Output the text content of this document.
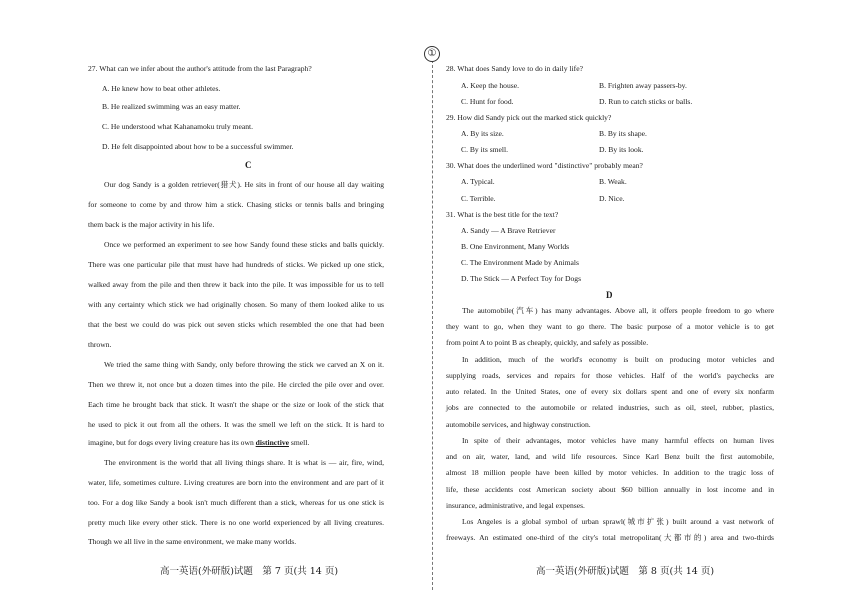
①
27. What can we infer about the author's attitude from the last Paragraph?
A. He knew how to beat other athletes.
B. He realized swimming was an easy matter.
C. He understood what Kahanamoku truly meant.
D. He felt disappointed about how to be a successful swimmer.
C
Our dog Sandy is a golden retriever(猎犬). He sits in front of our house all day waiting
for someone to come by and throw him a stick. Chasing sticks or tennis balls and bringing
them back is the major activity in his life.
Once we performed an experiment to see how Sandy found these sticks and balls quickly.
There was one particular pile that must have had hundreds of sticks. We picked up one stick,
walked away from the pile and then threw it back into the pile. It was impossible for us to tell
with any certainty which stick we had originally chosen. So many of them looked alike to us
that the best we could do was pick out seven sticks which resembled the one that had been
thrown.
We tried the same thing with Sandy, only before throwing the stick we carved an X on it.
Then we threw it, not once but a dozen times into the pile. He circled the pile over and over.
Each time he brought back that stick. It wasn't the shape or the size or look of the stick that
he used to pick it out from all the others. It was the smell we left on the stick. It is hard to
imagine, but for dogs every living creature has its own distinctive smell.
The environment is the world that all living things share. It is what is — air, fire, wind,
water, life, sometimes culture. Living creatures are born into the environment and are part of it
too. For a dog like Sandy a book isn't much different than a stick, whereas for us one stick is
pretty much like every other stick. There is no one world experienced by all living creatures.
Though we all live in the same environment, we make many worlds.
高一英语(外研版)试题　第 7 页(共 14 页)
28. What does Sandy love to do in daily life?
A. Keep the house.	B. Frighten away passers-by.
C. Hunt for food.	D. Run to catch sticks or balls.
29. How did Sandy pick out the marked stick quickly?
A. By its size.	B. By its shape.
C. By its smell.	D. By its look.
30. What does the underlined word "distinctive" probably mean?
A. Typical.	B. Weak.
C. Terrible.	D. Nice.
31. What is the best title for the text?
A. Sandy — A Brave Retriever
B. One Environment, Many Worlds
C. The Environment Made by Animals
D. The Stick — A Perfect Toy for Dogs
D
The automobile(汽车) has many advantages. Above all, it offers people freedom to go where
they want to go, when they want to go there. The basic purpose of a motor vehicle is to get
from point A to point B as cheaply, quickly, and safely as possible.
In addition, much of the world's economy is built on producing motor vehicles and
supplying roads, services and repairs for those vehicles. Half of the world's paychecks are
auto related. In the United States, one of every six dollars spent and one of every six nonfarm
jobs are connected to the automobile or related industries, such as oil, steel, rubber, plastics,
automobile services, and highway construction.
In spite of their advantages, motor vehicles have many harmful effects on human lives
and on air, water, land, and wild life resources. Since Karl Benz built the first automobile,
almost 18 million people have been killed by motor vehicles. In addition to the tragic loss of
life, these accidents cost American society about $60 billion annually in lost income and in
insurance, administrative, and legal expenses.
Los Angeles is a global symbol of urban sprawl(城市扩张) built around a vast network of
freeways. An estimated one-third of the city's total metropolitan(大都市的) area and two-thirds
高一英语(外研版)试题　第 8 页(共 14 页)
